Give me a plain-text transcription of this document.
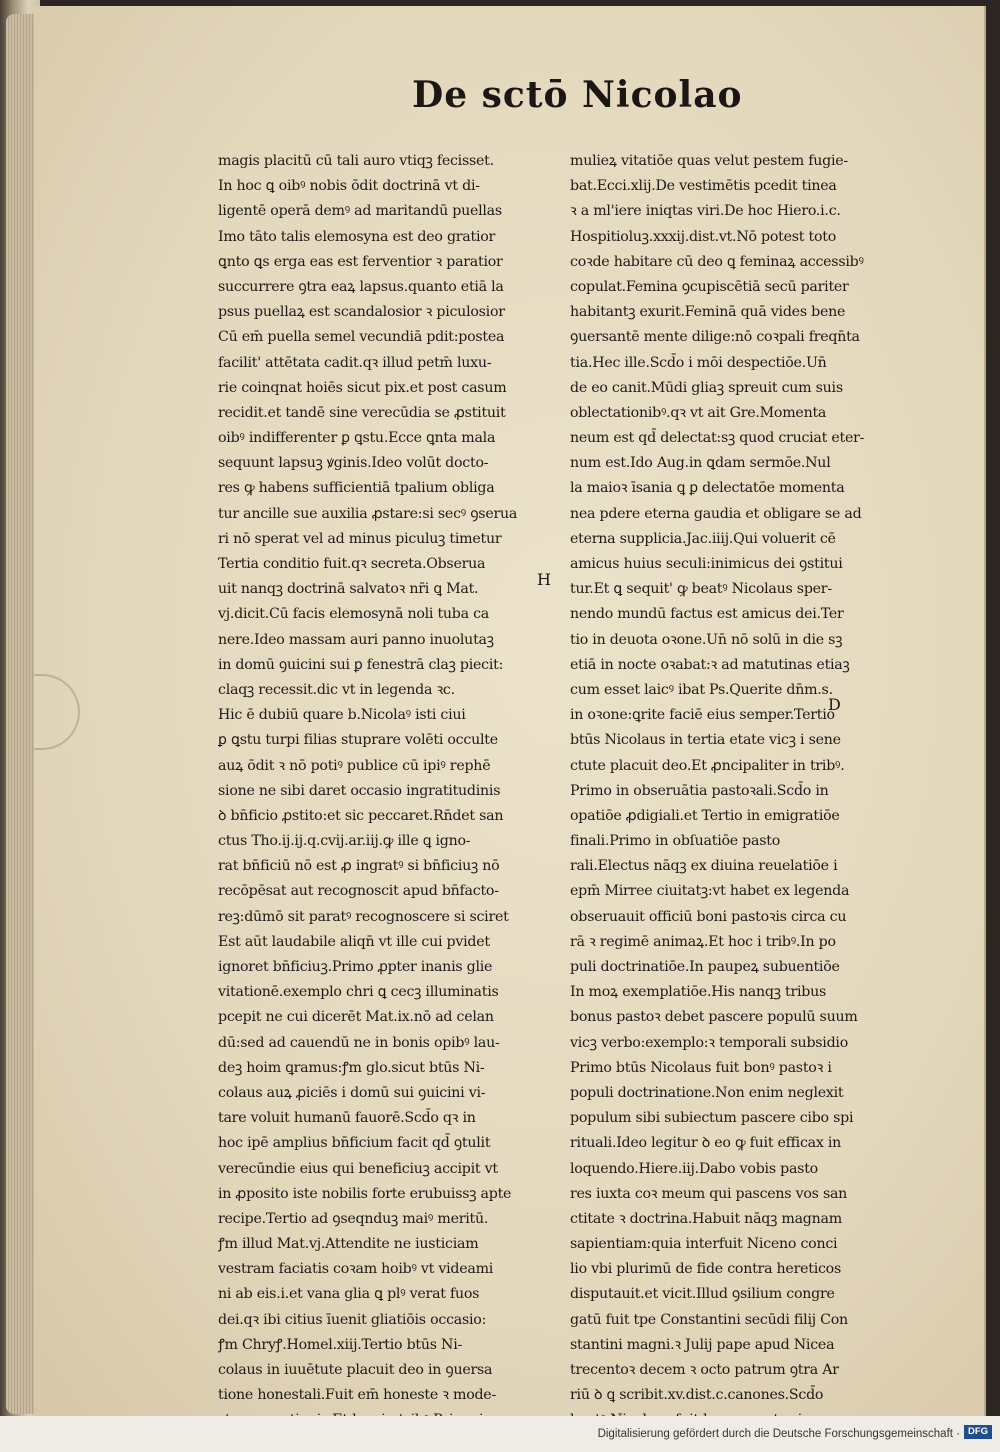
De sctō Nicolao
magis placitū cū tali auro vtiqꝫ fecisset.
In hoc ꝗ oibꝰ nobis ōdit doctrinā vt di-
ligentē operā demꝰ ad maritandū puellas
Imo tāto talis elemosyna est deo gratior
ꝗnto ꝗs erga eas est ferventior ꝛ paratior
succurrere ꝯtra eaꝝ lapsus.quanto etiā la
psus puellaꝝ est scandalosior ꝛ piculosior
Cū em̄ puella semel vecundiā pdit:postea
facilit' attētata cadit.qꝛ illud petm̄ luxu-
rie coinqnat hoiēs sicut pix.et post casum
recidit.et tandē sine verecūdia se ꝓstituit
oibꝰ indifferenter ꝑ ꝗstu.Ecce ꝗnta mala
sequunt lapsuꝫ ꝟginis.Ideo volūt docto-
res ꝙ habens sufficientiā tpalium obliga
tur ancille sue auxilia ꝓstare:si secꝰ ꝯserua
ri nō sperat vel ad minus piculuꝫ timetur
Tertia conditio fuit.qꝛ secreta.Obserua
uit nanqꝫ doctrinā salvatoꝛ nr̄i ꝗ Mat.
vj.dicit.Cū facis elemosynā noli tuba ca
nere.Ideo massam auri panno inuolutaꝫ
in domū ꝯuicini sui ꝑ fenestrā claꝫ piecit:
claqꝫ recessit.dic vt in legenda ꝛc.
Hic ē dubiū quare b.Nicolaꝰ isti ciui
ꝑ ꝗstu turpi filias stuprare volēti occulte
auꝝ ōdit ꝛ nō potiꝰ publice cū ipiꝰ rephē
sione ne sibi daret occasio ingratitudinis
ꝺ bn̄ficio ꝓstito:et sic peccaret.Rn̄det san
ctus Tho.ij.ij.q.cvij.ar.iij.ꝙ ille ꝗ igno-
rat bn̄ficiū nō est ꝓ ingratꝰ si bn̄ficiuꝫ nō
recōpēsat aut recognoscit apud bn̄facto-
reꝫ:dūmō sit paratꝰ recognoscere si sciret
Est aūt laudabile aliqn̄ vt ille cui pvidet
ignoret bn̄ficiuꝫ.Primo ꝓpter inanis glie
vitationē.exemplo chri ꝗ cecꝫ illuminatis
pcepit ne cui dicerēt Mat.ix.nō ad celan
dū:sed ad cauendū ne in bonis opibꝰ lau-
deꝫ hoim ꝗramus:ꝭm glo.sicut btūs Ni-
colaus auꝝ ꝓiciēs i domū sui ꝯuicini vi-
tare voluit humanū fauorē.Scd̄o qꝛ in
hoc ipē amplius bn̄ficium facit qd̄ ꝯtulit
verecūndie eius qui beneficiuꝫ accipit vt
in ꝓposito iste nobilis forte erubuissꝫ apte
recipe.Tertio ad ꝯseqnduꝫ maiꝰ meritū.
ꝭm illud Mat.vj.Attendite ne iusticiam
vestram faciatis coꝛam hoibꝰ vt videami
ni ab eis.i.et vana glia ꝗ plꝰ verat fuos
dei.qꝛ ibi citius īuenit gliatiōis occasio:
ꝭm Chryꝭ.Homel.xiij.Tertio btūs Ni-
colaus in iuuētute placuit deo in ꝯuersa
tione honestali.Fuit em̄ honeste ꝛ mode-
mulieꝝ vitatiōe quas velut pestem fugie-
bat.Ecci.xlij.De vestimētis pcedit tinea
ꝛ a ml'iere iniqtas viri.De hoc Hiero.i.c.
Hospitioluꝫ.xxxij.dist.vt.Nō potest toto
coꝛde habitare cū deo ꝗ feminaꝝ accessibꝰ
copulat.Femina ꝯcupiscētiā secū pariter
habitantꝫ exurit.Feminā quā vides bene
ꝯuersantē mente dilige:nō coꝛpali freqn̄ta
tia.Hec ille.Scd̄o i mōi despectiōe.Un̄
de eo canit.Mūdi gliaꝫ spreuit cum suis
oblectationibꝰ.qꝛ vt ait Gre.Momenta
neum est qd̄ delectat:sꝫ quod cruciat eter-
num est.Ido Aug.in ꝗdam sermōe.Nul
la maioꝛ īsania ꝗ ꝑ delectatōe momenta
nea pdere eterna gaudia et obligare se ad
eterna supplicia.Jac.iiij.Qui voluerit cē
amicus huius seculi:inimicus dei ꝯstitui
tur.Et ꝗ sequit' ꝙ beatꝰ Nicolaus sper-
nendo mundū factus est amicus dei.Ter
tio in deuota oꝛone.Un̄ nō solū in die sꝫ
etiā in nocte oꝛabat:ꝛ ad matutinas etiaꝫ
cum esset laicꝰ ibat Ps.Querite dn̄m.s.
in oꝛone:ꝗrite faciē eius semper.Tertio
btūs Nicolaus in tertia etate vicꝫ i sene
ctute placuit deo.Et ꝓncipaliter in tribꝰ.
Primo in obseruātia pastoꝛali.Scd̄o in
opatiōe ꝓdigiali.et Tertio in emigratiōe
finali.Primo in obſuatiōe pasto
rali.Electus nāqꝫ ex diuina reuelatiōe i
epm̄ Mirree ciuitatꝫ:vt habet ex legenda
obseruauit officiū boni pastoꝛis circa cu
rā ꝛ regimē animaꝝ.Et hoc i tribꝰ.In po
puli doctrinatiōe.In paupeꝝ subuentiōe
In moꝝ exemplatiōe.His nanqꝫ tribus
bonus pastoꝛ debet pascere populū suum
vicꝫ verbo:exemplo:ꝛ temporali subsidio
Primo btūs Nicolaus fuit bonꝰ pastoꝛ i
populi doctrinatione.Non enim neglexit
populum sibi subiectum pascere cibo spi
rituali.Ideo legitur ꝺ eo ꝙ fuit efficax in
loquendo.Hiere.iij.Dabo vobis pasto
res iuxta coꝛ meum qui pascens vos san
ctitate ꝛ doctrina.Habuit nāqꝫ magnam
sapientiam:quia interfuit Niceno conci
lio vbi plurimū de fide contra hereticos
disputauit.et vicit.Illud ꝯsilium congre
gatū fuit tpe Constantini secūdi filij Con
stantini magni.ꝛ Julij pape apud Nicea
trecentoꝛ decem ꝛ octo patrum ꝯtra Ar
riū ꝺ ꝗ scribit.xv.dist.c.canones.Scd̄o
H
D
Digitalisierung gefördert durch die Deutsche Forschungsgemeinschaft · DFG
